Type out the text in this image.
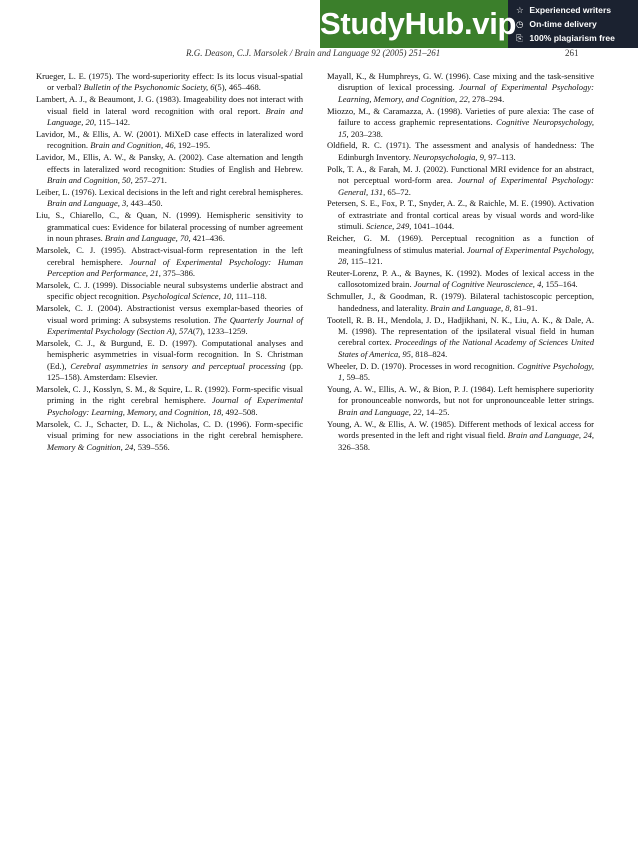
R.G. Deason, C.J. Marsolek / Brain and Language 92 (2005) 251–261	261
StudyHub.vip ☆ Experienced writers
◷ On-time delivery
⎘ 100% plagiarism free

Krueger, L. E. (1975). The word-superiority effect: Is its locus visual-spatial or verbal? Bulletin of the Psychonomic Society, 6(5), 465–468.

Lambert, A. J., & Beaumont, J. G. (1983). Imageability does not interact with visual field in lateral word recognition with oral report. Brain and Language, 20, 115–142.

Lavidor, M., & Ellis, A. W. (2001). MiXeD case effects in lateralized word recognition. Brain and Cognition, 46, 192–195.

Lavidor, M., Ellis, A. W., & Pansky, A. (2002). Case alternation and length effects in lateralized word recognition: Studies of English and Hebrew. Brain and Cognition, 50, 257–271.

Leiber, L. (1976). Lexical decisions in the left and right cerebral hemispheres. Brain and Language, 3, 443–450.

Liu, S., Chiarello, C., & Quan, N. (1999). Hemispheric sensitivity to grammatical cues: Evidence for bilateral processing of number agreement in noun phrases. Brain and Language, 70, 421–436.

Marsolek, C. J. (1995). Abstract-visual-form representation in the left cerebral hemisphere. Journal of Experimental Psychology: Human Perception and Performance, 21, 375–386.

Marsolek, C. J. (1999). Dissociable neural subsystems underlie abstract and specific object recognition. Psychological Science, 10, 111–118.

Marsolek, C. J. (2004). Abstractionist versus exemplar-based theories of visual word priming: A subsystems resolution. The Quarterly Journal of Experimental Psychology (Section A), 57A(7), 1233–1259.

Marsolek, C. J., & Burgund, E. D. (1997). Computational analyses and hemispheric asymmetries in visual-form recognition. In S. Christman (Ed.), Cerebral asymmetries in sensory and perceptual processing (pp. 125–158). Amsterdam: Elsevier.

Marsolek, C. J., Kosslyn, S. M., & Squire, L. R. (1992). Form-specific visual priming in the right cerebral hemisphere. Journal of Experimental Psychology: Learning, Memory, and Cognition, 18, 492–508.

Marsolek, C. J., Schacter, D. L., & Nicholas, C. D. (1996). Form-specific visual priming for new associations in the right cerebral hemisphere. Memory & Cognition, 24, 539–556.

Mayall, K., & Humphreys, G. W. (1996). Case mixing and the task-sensitive disruption of lexical processing. Journal of Experimental Psychology: Learning, Memory, and Cognition, 22, 278–294.

Miozzo, M., & Caramazza, A. (1998). Varieties of pure alexia: The case of failure to access graphemic representations. Cognitive Neuropsychology, 15, 203–238.

Oldfield, R. C. (1971). The assessment and analysis of handedness: The Edinburgh Inventory. Neuropsychologia, 9, 97–113.

Polk, T. A., & Farah, M. J. (2002). Functional MRI evidence for an abstract, not perceptual word-form area. Journal of Experimental Psychology: General, 131, 65–72.

Petersen, S. E., Fox, P. T., Snyder, A. Z., & Raichle, M. E. (1990). Activation of extrastriate and frontal cortical areas by visual words and word-like stimuli. Science, 249, 1041–1044.

Reicher, G. M. (1969). Perceptual recognition as a function of meaningfulness of stimulus material. Journal of Experimental Psychology, 28, 115–121.

Reuter-Lorenz, P. A., & Baynes, K. (1992). Modes of lexical access in the callosotomized brain. Journal of Cognitive Neuroscience, 4, 155–164.

Schmuller, J., & Goodman, R. (1979). Bilateral tachistoscopic perception, handedness, and laterality. Brain and Language, 8, 81–91.

Tootell, R. B. H., Mendola, J. D., Hadjikhani, N. K., Liu, A. K., & Dale, A. M. (1998). The representation of the ipsilateral visual field in human cerebral cortex. Proceedings of the National Academy of Sciences United States of America, 95, 818–824.

Wheeler, D. D. (1970). Processes in word recognition. Cognitive Psychology, 1, 59–85.

Young, A. W., Ellis, A. W., & Bion, P. J. (1984). Left hemisphere superiority for pronounceable nonwords, but not for unpronounceable letter strings. Brain and Language, 22, 14–25.

Young, A. W., & Ellis, A. W. (1985). Different methods of lexical access for words presented in the left and right visual field. Brain and Language, 24, 326–358.
